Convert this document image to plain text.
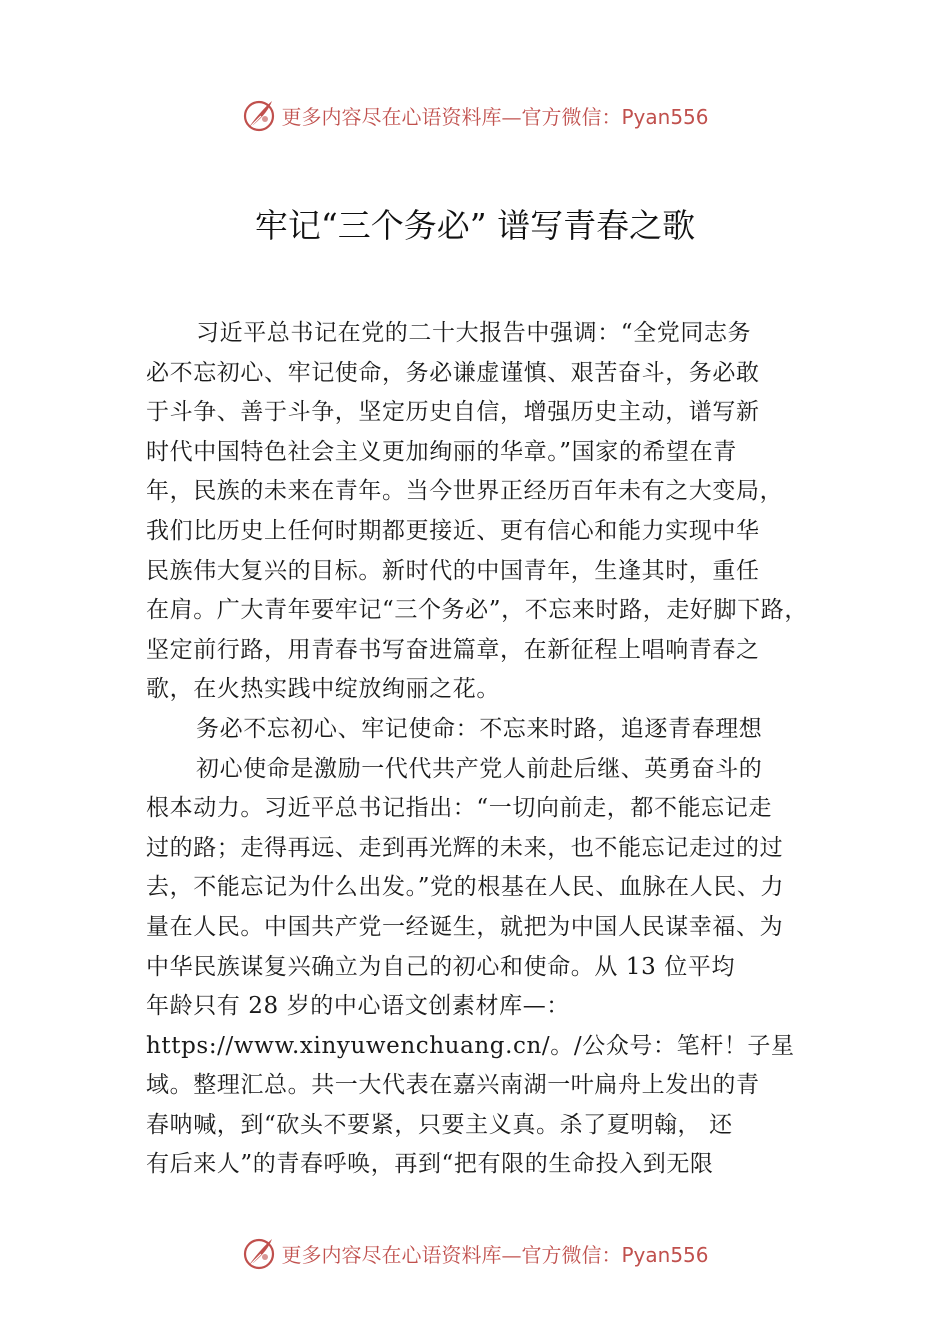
更多内容尽在心语资料库—官方微信：Pyan556
牢记“三个务必” 谱写青春之歌
习近平总书记在党的二十大报告中强调：“全党同志务
必不忘初心、牢记使命，务必谦虚谨慎、艰苦奋斗，务必敢
于斗争、善于斗争，坚定历史自信，增强历史主动，谱写新
时代中国特色社会主义更加绚丽的华章。”国家的希望在青
年，民族的未来在青年。当今世界正经历百年未有之大变局，
我们比历史上任何时期都更接近、更有信心和能力实现中华
民族伟大复兴的目标。新时代的中国青年，生逢其时，重任
在肩。广大青年要牢记“三个务必”，不忘来时路，走好脚下路，
坚定前行路，用青春书写奋进篇章，在新征程上唱响青春之
歌，在火热实践中绽放绚丽之花。
务必不忘初心、牢记使命：不忘来时路，追逐青春理想
初心使命是激励一代代共产党人前赴后继、英勇奋斗的
根本动力。习近平总书记指出：“一切向前走，都不能忘记走
过的路；走得再远、走到再光辉的未来，也不能忘记走过的过
去，不能忘记为什么出发。”党的根基在人民、血脉在人民、力
量在人民。中国共产党一经诞生，就把为中国人民谋幸福、为
中华民族谋复兴确立为自己的初心和使命。从 13 位平均
年龄只有 28 岁的中心语文创素材库—：
https://www.xinyuwenchuang.cn/。/公众号：笔杆！子星
域。整理汇总。共一大代表在嘉兴南湖一叶扁舟上发出的青
春呐喊，到“砍头不要紧，只要主义真。杀了夏明翰， 还
有后来人”的青春呼唤，再到“把有限的生命投入到无限
更多内容尽在心语资料库—官方微信：Pyan556
